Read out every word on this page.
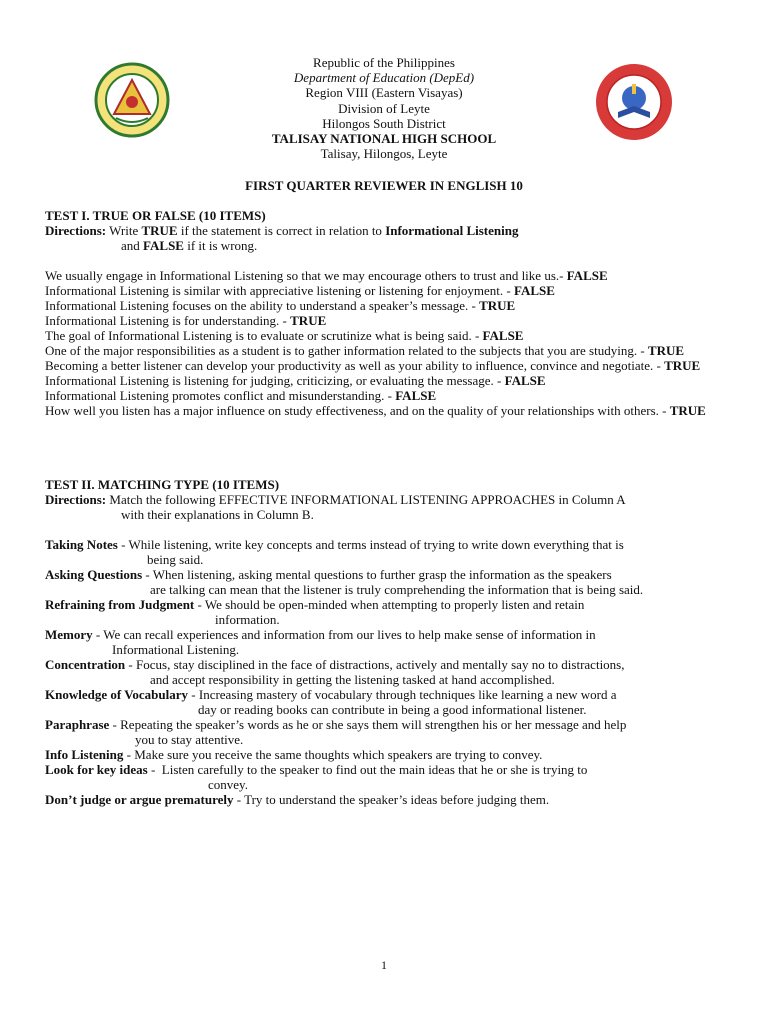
Republic of the Philippines
Department of Education (DepEd)
Region VIII (Eastern Visayas)
Division of Leyte
Hilongos South District
TALISAY NATIONAL HIGH SCHOOL
Talisay, Hilongos, Leyte
FIRST QUARTER REVIEWER IN ENGLISH 10
TEST I. TRUE OR FALSE (10 ITEMS)
Directions: Write TRUE if the statement is correct in relation to Informational Listening
and FALSE if it is wrong.
We usually engage in Informational Listening so that we may encourage others to trust and like us.- FALSE
Informational Listening is similar with appreciative listening or listening for enjoyment. - FALSE
Informational Listening focuses on the ability to understand a speaker’s message. - TRUE
Informational Listening is for understanding. - TRUE
The goal of Informational Listening is to evaluate or scrutinize what is being said. - FALSE
One of the major responsibilities as a student is to gather information related to the subjects that you are studying. - TRUE
Becoming a better listener can develop your productivity as well as your ability to influence, convince and negotiate. - TRUE
Informational Listening is listening for judging, criticizing, or evaluating the message. - FALSE
Informational Listening promotes conflict and misunderstanding. - FALSE
How well you listen has a major influence on study effectiveness, and on the quality of your relationships with others. - TRUE
TEST II. MATCHING TYPE (10 ITEMS)
Directions: Match the following EFFECTIVE INFORMATIONAL LISTENING APPROACHES in Column A
with their explanations in Column B.
Taking Notes - While listening, write key concepts and terms instead of trying to write down everything that is
being said.
Asking Questions - When listening, asking mental questions to further grasp the information as the speakers
are talking can mean that the listener is truly comprehending the information that is being said.
Refraining from Judgment - We should be open-minded when attempting to properly listen and retain
information.
Memory - We can recall experiences and information from our lives to help make sense of information in
Informational Listening.
Concentration - Focus, stay disciplined in the face of distractions, actively and mentally say no to distractions,
and accept responsibility in getting the listening tasked at hand accomplished.
Knowledge of Vocabulary - Increasing mastery of vocabulary through techniques like learning a new word a
day or reading books can contribute in being a good informational listener.
Paraphrase - Repeating the speaker’s words as he or she says them will strengthen his or her message and help
you to stay attentive.
Info Listening - Make sure you receive the same thoughts which speakers are trying to convey.
Look for key ideas -  Listen carefully to the speaker to find out the main ideas that he or she is trying to
convey.
Don’t judge or argue prematurely - Try to understand the speaker’s ideas before judging them.
1
